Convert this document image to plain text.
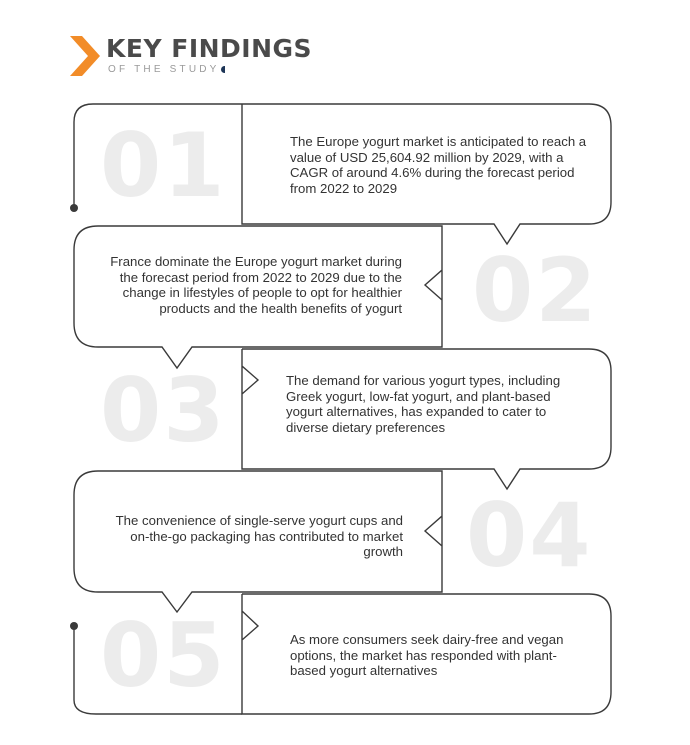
KEY FINDINGS
OF THE STUDY
01	The Europe yogurt market is anticipated to reach a value of USD 25,604.92 million by 2029, with a CAGR of around 4.6% during the forecast period from 2022 to 2029
02
France dominate the Europe yogurt market during the forecast period from 2022 to 2029 due to the change in lifestyles of people to opt for healthier products and the health benefits of yogurt
03	The demand for various yogurt types, including Greek yogurt, low-fat yogurt, and plant-based yogurt alternatives, has expanded to cater to diverse dietary preferences
04
The convenience of single-serve yogurt cups and on-the-go packaging has contributed to market growth
05	As more consumers seek dairy-free and vegan options, the market has responded with plant-based yogurt alternatives
